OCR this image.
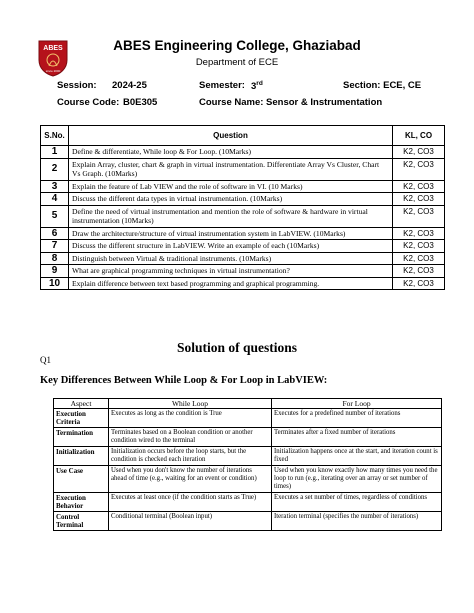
ABES
since 2000
ABES Engineering College, Ghaziabad
Department of ECE
Session: 2024-25	Semester: 3rd	Section: ECE, CE
Course Code: B0E305	Course Name: Sensor & Instrumentation
S.No.	Question	KL, CO
1	Define & differentiate, While loop & For Loop. (10Marks)	K2, CO3
2	Explain Array, cluster, chart & graph in virtual instrumentation. Differentiate Array Vs Cluster, Chart Vs Graph. (10Marks)	K2, CO3
3	Explain the feature of Lab VIEW and the role of software in VI. (10 Marks)	K2, CO3
4	Discuss the different data types in virtual instrumentation. (10Marks)	K2, CO3
5	Define the need of virtual instrumentation and mention the role of software & hardware in virtual instrumentation (10Marks)	K2, CO3
6	Draw the architecture/structure of virtual instrumentation system in LabVIEW. (10Marks)	K2, CO3
7	Discuss the different structure in LabVIEW. Write an example of each (10Marks)	K2, CO3
8	Distinguish between Virtual & traditional instruments. (10Marks)	K2, CO3
9	What are graphical programming techniques in virtual instrumentation?	K2, CO3
10	Explain difference between text based programming and graphical programming.	K2, CO3
Solution of questions
Q1
Key Differences Between While Loop & For Loop in LabVIEW:
Aspect	While Loop	For Loop
Execution Criteria	Executes as long as the condition is True	Executes for a predefined number of iterations
Termination	Terminates based on a Boolean condition or another condition wired to the terminal	Terminates after a fixed number of iterations
Initialization	Initialization occurs before the loop starts, but the condition is checked each iteration	Initialization happens once at the start, and iteration count is fixed
Use Case	Used when you don't know the number of iterations ahead of time (e.g., waiting for an event or condition)	Used when you know exactly how many times you need the loop to run (e.g., iterating over an array or set number of times)
Execution Behavior	Executes at least once (if the condition starts as True)	Executes a set number of times, regardless of conditions
Control Terminal	Conditional terminal (Boolean input)	Iteration terminal (specifies the number of iterations)
